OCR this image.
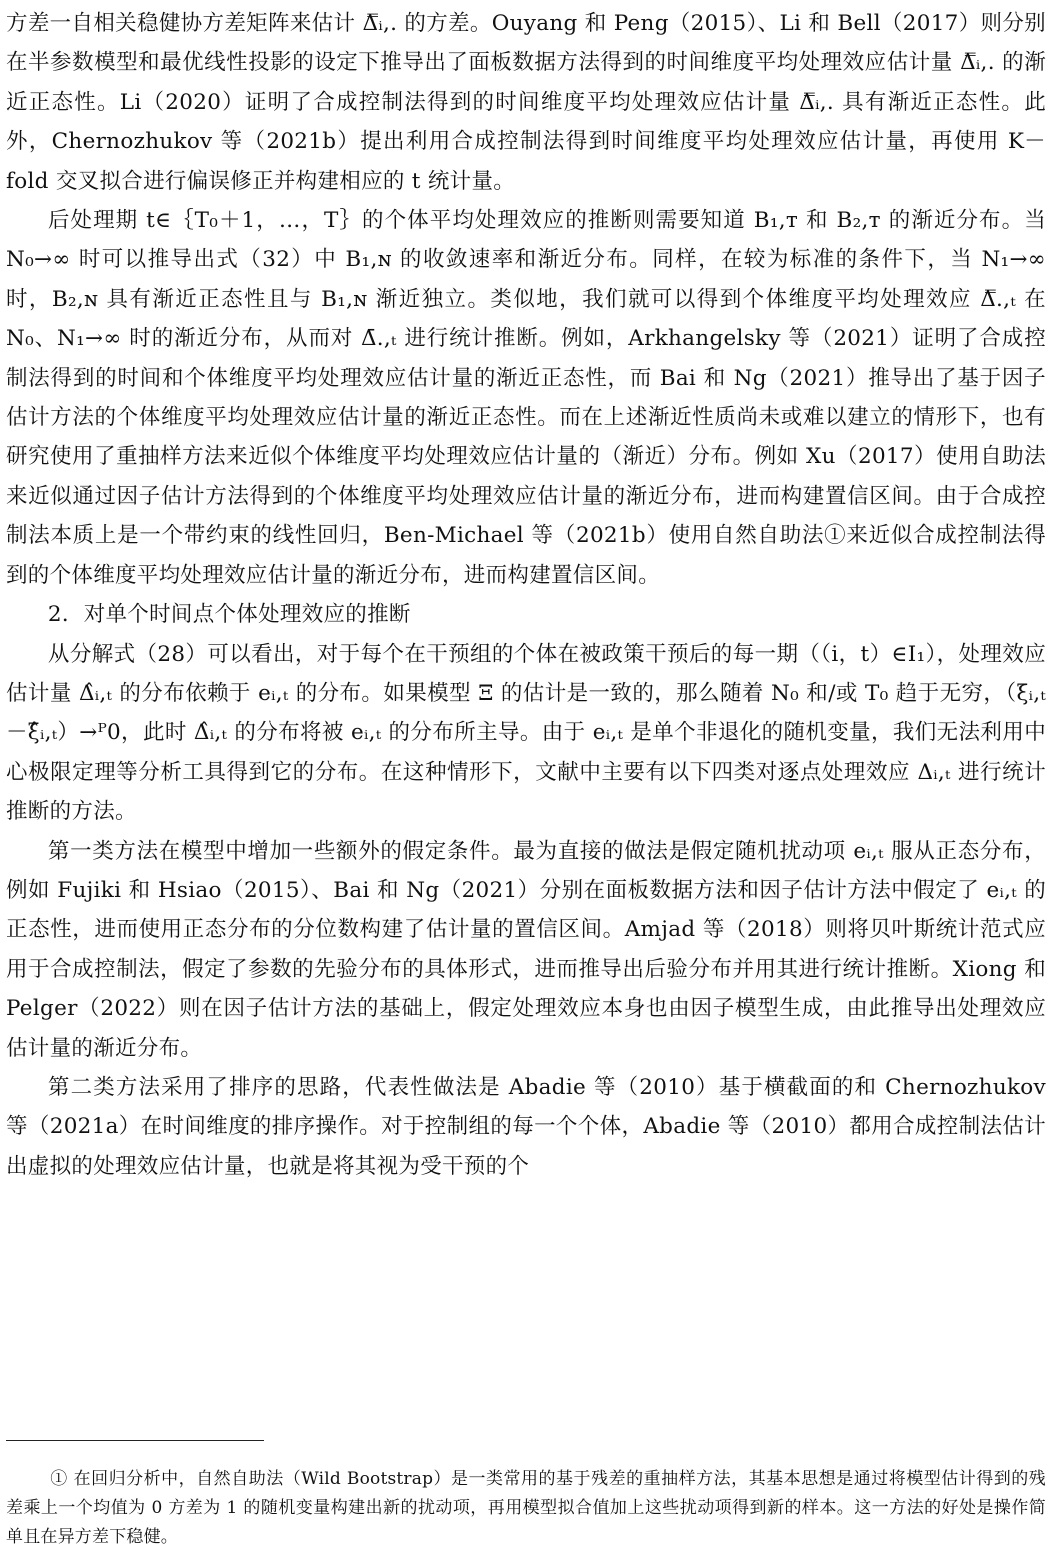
方差一自相关稳健协方差矩阵来估计 Δ̿ᵢ,. 的方差。Ouyang 和 Peng（2015）、Li 和 Bell（2017）则分别在半参数模型和最优线性投影的设定下推导出了面板数据方法得到的时间维度平均处理效应估计量 Δ̿ᵢ,. 的渐近正态性。Li（2020）证明了合成控制法得到的时间维度平均处理效应估计量 Δ̿ᵢ,. 具有渐近正态性。此外，Chernozhukov 等（2021b）提出利用合成控制法得到时间维度平均处理效应估计量，再使用 K－fold 交叉拟合进行偏误修正并构建相应的 t 统计量。

后处理期 t∈｛T₀＋1，…，T｝的个体平均处理效应的推断则需要知道 B₁,ᴛ 和 B₂,ᴛ 的渐近分布。当 N₀→∞ 时可以推导出式（32）中 B₁,ɴ 的收敛速率和渐近分布。同样，在较为标准的条件下，当 N₁→∞ 时，B₂,ɴ 具有渐近正态性且与 B₁,ɴ 渐近独立。类似地，我们就可以得到个体维度平均处理效应 Δ̿.,ₜ 在 N₀、N₁→∞ 时的渐近分布，从而对 Δ̄.,ₜ 进行统计推断。例如，Arkhangelsky 等（2021）证明了合成控制法得到的时间和个体维度平均处理效应估计量的渐近正态性，而 Bai 和 Ng（2021）推导出了基于因子估计方法的个体维度平均处理效应估计量的渐近正态性。而在上述渐近性质尚未或难以建立的情形下，也有研究使用了重抽样方法来近似个体维度平均处理效应估计量的（渐近）分布。例如 Xu（2017）使用自助法来近似通过因子估计方法得到的个体维度平均处理效应估计量的渐近分布，进而构建置信区间。由于合成控制法本质上是一个带约束的线性回归，Ben-Michael 等（2021b）使用自然自助法①来近似合成控制法得到的个体维度平均处理效应估计量的渐近分布，进而构建置信区间。

2．对单个时间点个体处理效应的推断

从分解式（28）可以看出，对于每个在干预组的个体在被政策干预后的每一期（（i，t）∈I₁），处理效应估计量 Δ̂ᵢ,ₜ 的分布依赖于 eᵢ,ₜ 的分布。如果模型 Ξ 的估计是一致的，那么随着 N₀ 和/或 T₀ 趋于无穷，（ξᵢ,ₜ－ξ̂ᵢ,ₜ）→ᴾ0，此时 Δ̂ᵢ,ₜ 的分布将被 eᵢ,ₜ 的分布所主导。由于 eᵢ,ₜ 是单个非退化的随机变量，我们无法利用中心极限定理等分析工具得到它的分布。在这种情形下，文献中主要有以下四类对逐点处理效应 Δᵢ,ₜ 进行统计推断的方法。

第一类方法在模型中增加一些额外的假定条件。最为直接的做法是假定随机扰动项 eᵢ,ₜ 服从正态分布，例如 Fujiki 和 Hsiao（2015）、Bai 和 Ng（2021）分别在面板数据方法和因子估计方法中假定了 eᵢ,ₜ 的正态性，进而使用正态分布的分位数构建了估计量的置信区间。Amjad 等（2018）则将贝叶斯统计范式应用于合成控制法，假定了参数的先验分布的具体形式，进而推导出后验分布并用其进行统计推断。Xiong 和 Pelger（2022）则在因子估计方法的基础上，假定处理效应本身也由因子模型生成，由此推导出处理效应估计量的渐近分布。

第二类方法采用了排序的思路，代表性做法是 Abadie 等（2010）基于横截面的和 Chernozhukov 等（2021a）在时间维度的排序操作。对于控制组的每一个个体，Abadie 等（2010）都用合成控制法估计出虚拟的处理效应估计量，也就是将其视为受干预的个

① 在回归分析中，自然自助法（Wild Bootstrap）是一类常用的基于残差的重抽样方法，其基本思想是通过将模型估计得到的残差乘上一个均值为 0 方差为 1 的随机变量构建出新的扰动项，再用模型拟合值加上这些扰动项得到新的样本。这一方法的好处是操作简单且在异方差下稳健。
